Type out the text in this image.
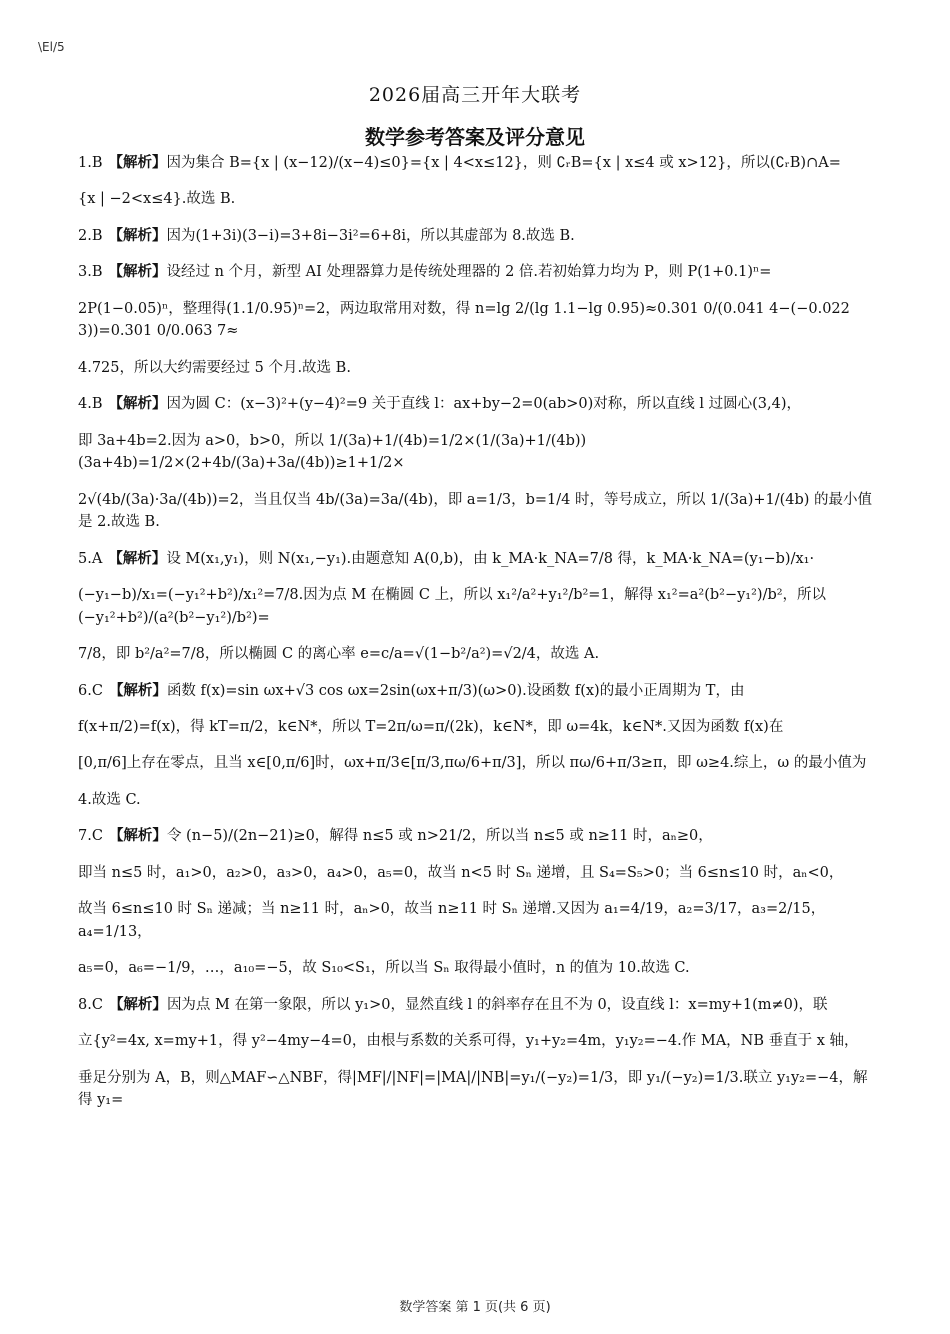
\El/5
2026届高三开年大联考
数学参考答案及评分意见
1.B 【解析】因为集合 B={x | (x−12)/(x−4)≤0}={x | 4<x≤12}，则 ∁ᵣB={x | x≤4 或 x>12}，所以(∁ᵣB)∩A=
{x | −2<x≤4}.故选 B.
2.B 【解析】因为(1+3i)(3−i)=3+8i−3i²=6+8i，所以其虚部为 8.故选 B.
3.B 【解析】设经过 n 个月，新型 AI 处理器算力是传统处理器的 2 倍.若初始算力均为 P，则 P(1+0.1)ⁿ=
2P(1−0.05)ⁿ，整理得(1.1/0.95)ⁿ=2，两边取常用对数，得 n=lg 2/(lg 1.1−lg 0.95)≈0.301 0/(0.041 4−(−0.022 3))=0.301 0/0.063 7≈
4.725，所以大约需要经过 5 个月.故选 B.
4.B 【解析】因为圆 C：(x−3)²+(y−4)²=9 关于直线 l：ax+by−2=0(ab>0)对称，所以直线 l 过圆心(3,4)，
即 3a+4b=2.因为 a>0，b>0，所以 1/(3a)+1/(4b)=1/2×(1/(3a)+1/(4b))(3a+4b)=1/2×(2+4b/(3a)+3a/(4b))≥1+1/2×
2√(4b/(3a)·3a/(4b))=2，当且仅当 4b/(3a)=3a/(4b)，即 a=1/3，b=1/4 时，等号成立，所以 1/(3a)+1/(4b) 的最小值是 2.故选 B.
5.A 【解析】设 M(x₁,y₁)，则 N(x₁,−y₁).由题意知 A(0,b)，由 k_MA·k_NA=7/8 得，k_MA·k_NA=(y₁−b)/x₁·
(−y₁−b)/x₁=(−y₁²+b²)/x₁²=7/8.因为点 M 在椭圆 C 上，所以 x₁²/a²+y₁²/b²=1，解得 x₁²=a²(b²−y₁²)/b²，所以 (−y₁²+b²)/(a²(b²−y₁²)/b²)=
7/8，即 b²/a²=7/8，所以椭圆 C 的离心率 e=c/a=√(1−b²/a²)=√2/4，故选 A.
6.C 【解析】函数 f(x)=sin ωx+√3 cos ωx=2sin(ωx+π/3)(ω>0).设函数 f(x)的最小正周期为 T，由
f(x+π/2)=f(x)，得 kT=π/2，k∈N*，所以 T=2π/ω=π/(2k)，k∈N*，即 ω=4k，k∈N*.又因为函数 f(x)在
[0,π/6]上存在零点，且当 x∈[0,π/6]时，ωx+π/3∈[π/3,πω/6+π/3]，所以 πω/6+π/3≥π，即 ω≥4.综上，ω 的最小值为
4.故选 C.
7.C 【解析】令 (n−5)/(2n−21)≥0，解得 n≤5 或 n>21/2，所以当 n≤5 或 n≥11 时，aₙ≥0，
即当 n≤5 时，a₁>0，a₂>0，a₃>0，a₄>0，a₅=0，故当 n<5 时 Sₙ 递增，且 S₄=S₅>0；当 6≤n≤10 时，aₙ<0，
故当 6≤n≤10 时 Sₙ 递减；当 n≥11 时，aₙ>0，故当 n≥11 时 Sₙ 递增.又因为 a₁=4/19，a₂=3/17，a₃=2/15，a₄=1/13，
a₅=0，a₆=−1/9，…，a₁₀=−5，故 S₁₀<S₁，所以当 Sₙ 取得最小值时，n 的值为 10.故选 C.
8.C 【解析】因为点 M 在第一象限，所以 y₁>0，显然直线 l 的斜率存在且不为 0，设直线 l：x=my+1(m≠0)，联
立{y²=4x, x=my+1，得 y²−4my−4=0，由根与系数的关系可得，y₁+y₂=4m，y₁y₂=−4.作 MA，NB 垂直于 x 轴，
垂足分别为 A，B，则△MAF∽△NBF，得|MF|/|NF|=|MA|/|NB|=y₁/(−y₂)=1/3，即 y₁/(−y₂)=1/3.联立 y₁y₂=−4，解得 y₁=
数学答案 第 1 页(共 6 页)
